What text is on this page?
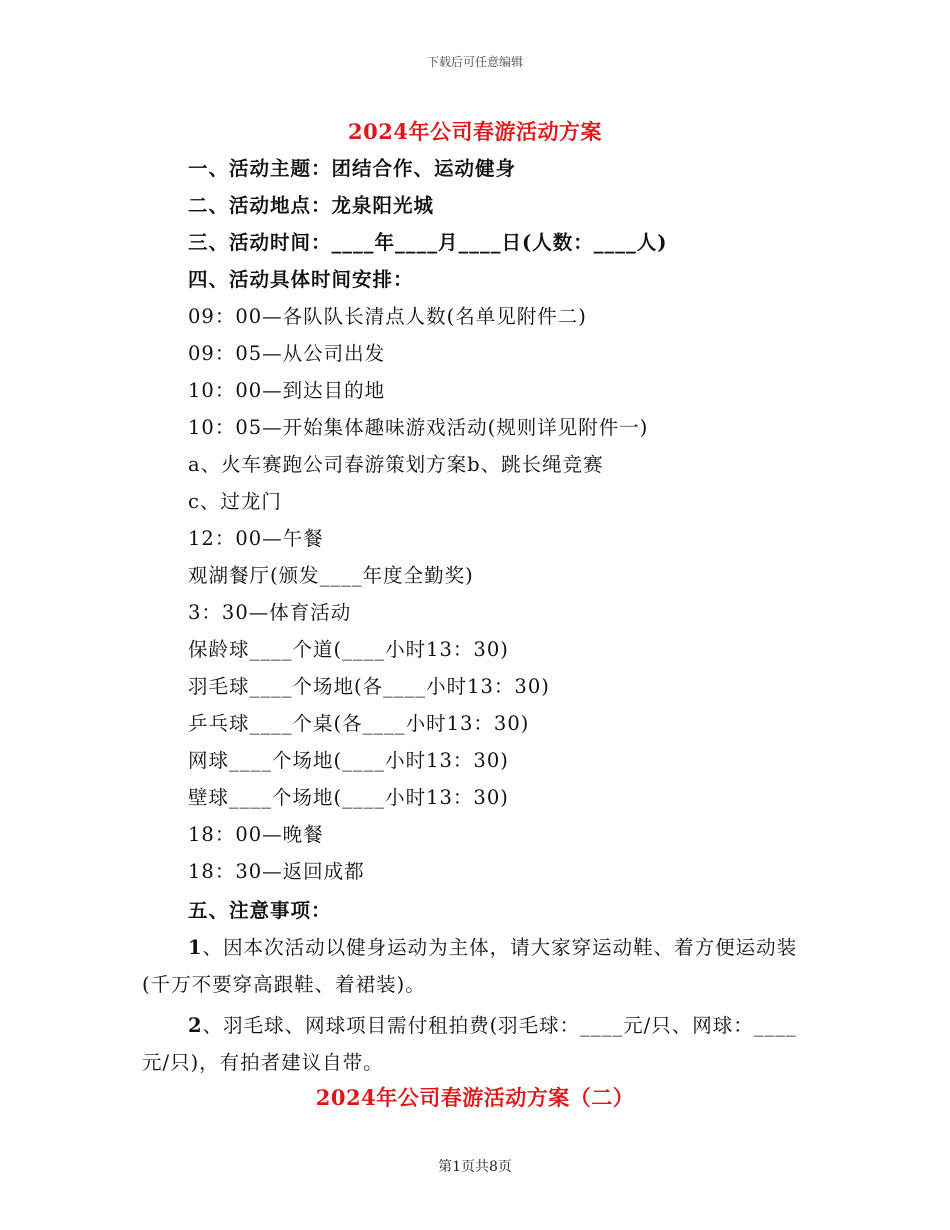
下载后可任意编辑
2024年公司春游活动方案
一、活动主题：团结合作、运动健身
二、活动地点：龙泉阳光城
三、活动时间：____年____月____日(人数：____人)
四、活动具体时间安排：
09：00—各队队长清点人数(名单见附件二)
09：05—从公司出发
10：00—到达目的地
10：05—开始集体趣味游戏活动(规则详见附件一)
a、火车赛跑公司春游策划方案b、跳长绳竞赛
c、过龙门
12：00—午餐
观湖餐厅(颁发____年度全勤奖)
3：30—体育活动
保龄球____个道(____小时13：30)
羽毛球____个场地(各____小时13：30)
乒乓球____个桌(各____小时13：30)
网球____个场地(____小时13：30)
壁球____个场地(____小时13：30)
18：00—晚餐
18：30—返回成都
五、注意事项：
1、因本次活动以健身运动为主体，请大家穿运动鞋、着方便运动装(千万不要穿高跟鞋、着裙装)。
2、羽毛球、网球项目需付租拍费(羽毛球：____元/只、网球：____元/只)，有拍者建议自带。
2024年公司春游活动方案（二）
第1页共8页
